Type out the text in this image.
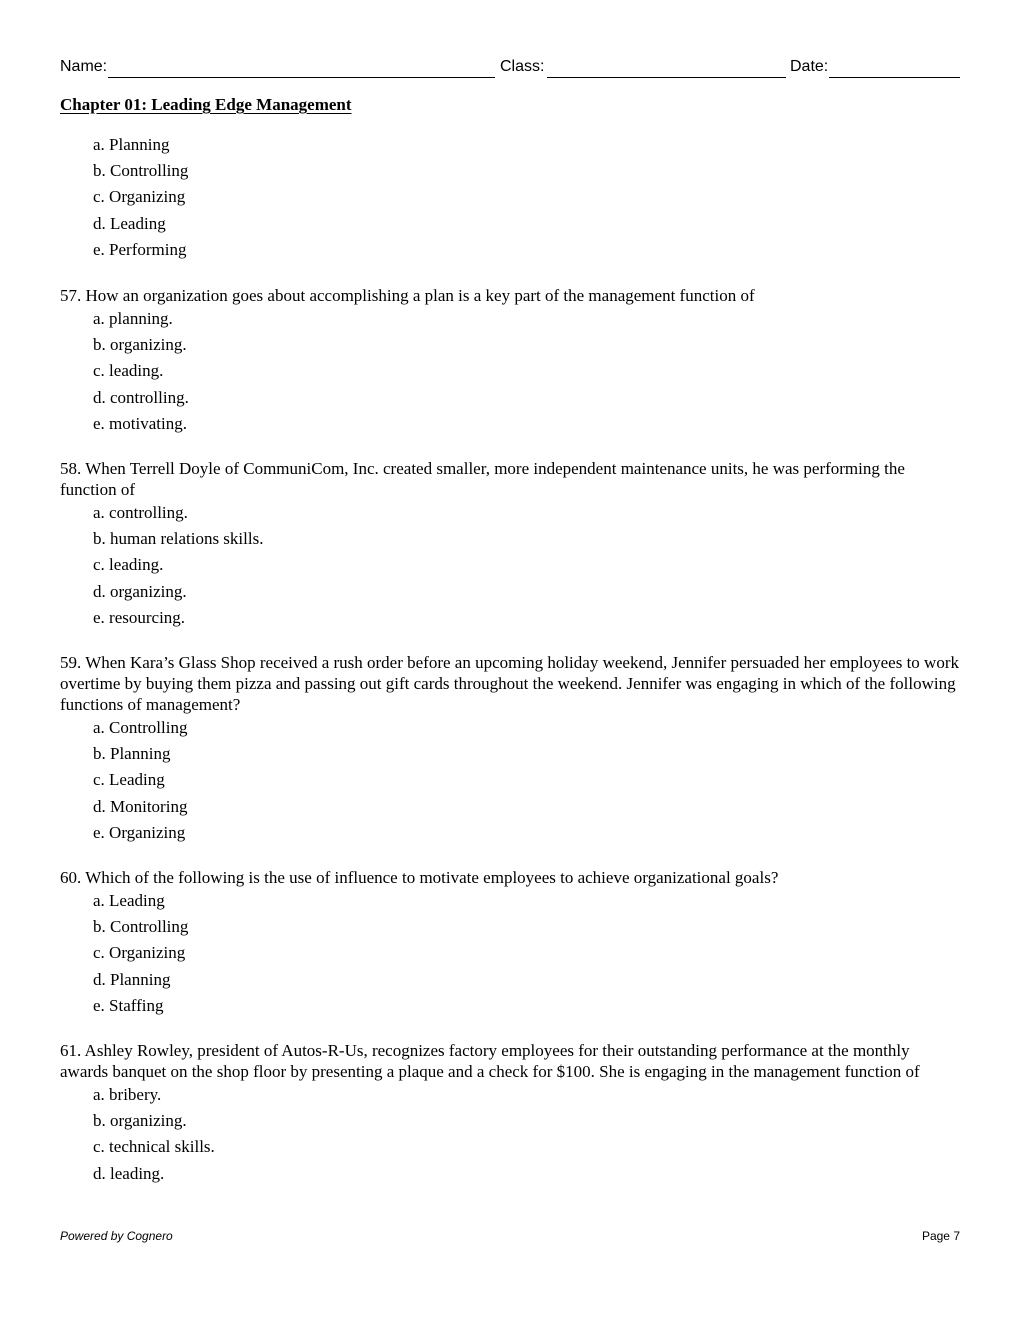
Name:	Class:	Date:
Chapter 01: Leading Edge Management
a. Planning
b. Controlling
c. Organizing
d. Leading
e. Performing

57. How an organization goes about accomplishing a plan is a key part of the management function of

a. planning.
b. organizing.
c. leading.
d. controlling.
e. motivating.

58. When Terrell Doyle of CommuniCom, Inc. created smaller, more independent maintenance units, he was performing the function of

a. controlling.
b. human relations skills.
c. leading.
d. organizing.
e. resourcing.

59. When Kara’s Glass Shop received a rush order before an upcoming holiday weekend, Jennifer persuaded her employees to work overtime by buying them pizza and passing out gift cards throughout the weekend. Jennifer was engaging in which of the following functions of management?

a. Controlling
b. Planning
c. Leading
d. Monitoring
e. Organizing

60. Which of the following is the use of influence to motivate employees to achieve organizational goals?

a. Leading
b. Controlling
c. Organizing
d. Planning
e. Staffing

61. Ashley Rowley, president of Autos-R-Us, recognizes factory employees for their outstanding performance at the monthly awards banquet on the shop floor by presenting a plaque and a check for $100. She is engaging in the management function of

a. bribery.
b. organizing.
c. technical skills.
d. leading.
Powered by Cognero	Page 7
